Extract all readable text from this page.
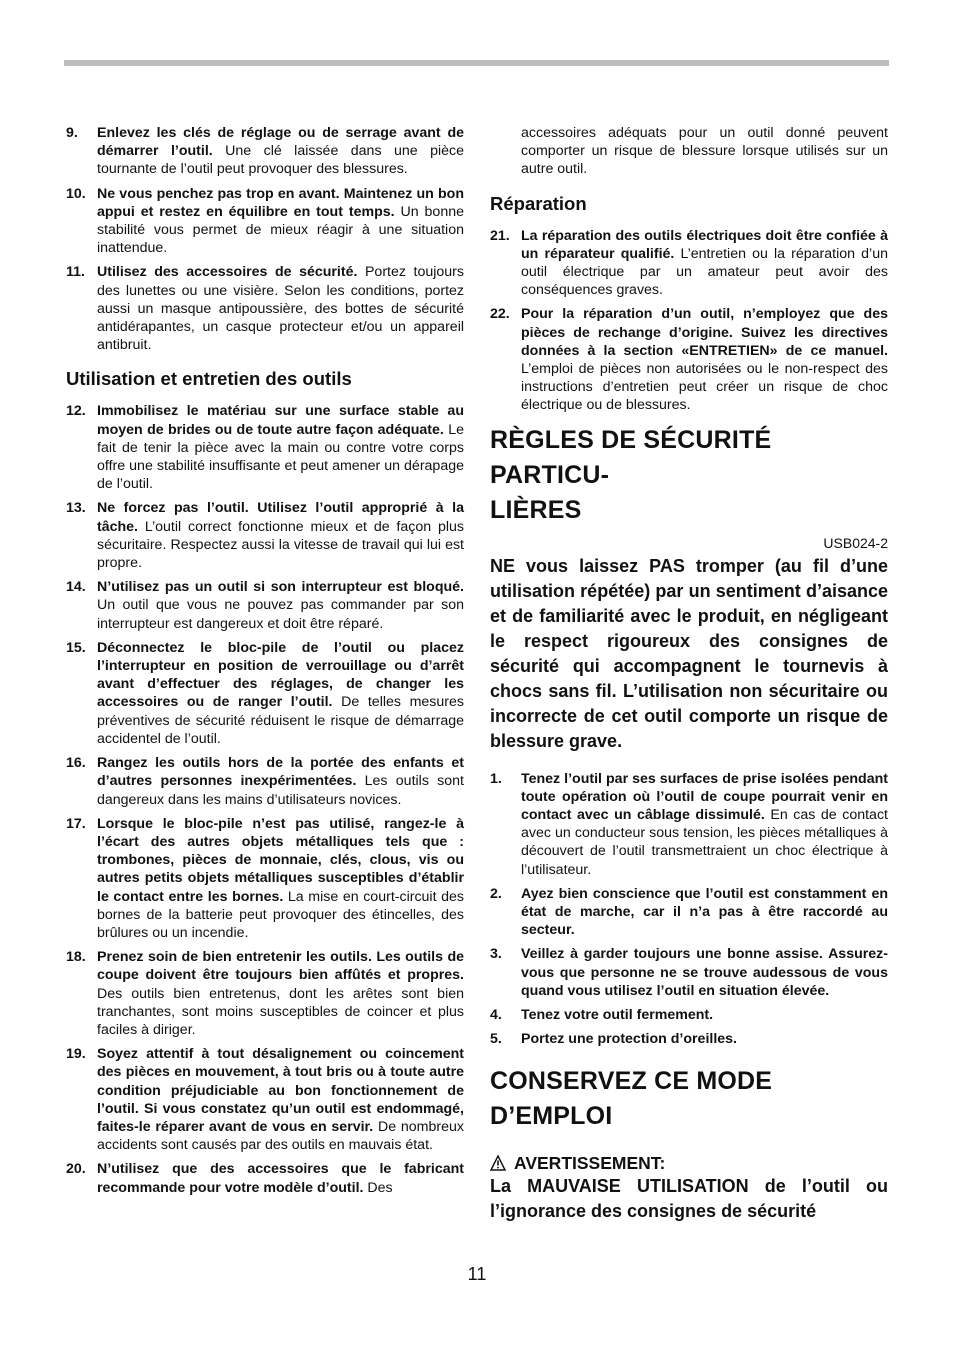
9. Enlevez les clés de réglage ou de serrage avant de démarrer l’outil. Une clé laissée dans une pièce tournante de l’outil peut provoquer des blessures.
10. Ne vous penchez pas trop en avant. Maintenez un bon appui et restez en équilibre en tout temps. Un bonne stabilité vous permet de mieux réagir à une situation inattendue.
11. Utilisez des accessoires de sécurité. Portez toujours des lunettes ou une visière. Selon les conditions, portez aussi un masque antipoussière, des bottes de sécurité antidérapantes, un casque protecteur et/ou un appareil antibruit.
Utilisation et entretien des outils
12. Immobilisez le matériau sur une surface stable au moyen de brides ou de toute autre façon adéquate. Le fait de tenir la pièce avec la main ou contre votre corps offre une stabilité insuffisante et peut amener un dérapage de l’outil.
13. Ne forcez pas l’outil. Utilisez l’outil approprié à la tâche. L’outil correct fonctionne mieux et de façon plus sécuritaire. Respectez aussi la vitesse de travail qui lui est propre.
14. N’utilisez pas un outil si son interrupteur est bloqué. Un outil que vous ne pouvez pas commander par son interrupteur est dangereux et doit être réparé.
15. Déconnectez le bloc-pile de l’outil ou placez l’interrupteur en position de verrouillage ou d’arrêt avant d’effectuer des réglages, de changer les accessoires ou de ranger l’outil. De telles mesures préventives de sécurité réduisent le risque de démarrage accidentel de l’outil.
16. Rangez les outils hors de la portée des enfants et d’autres personnes inexpérimentées. Les outils sont dangereux dans les mains d’utilisateurs novices.
17. Lorsque le bloc-pile n’est pas utilisé, rangez-le à l’écart des autres objets métalliques tels que : trombones, pièces de monnaie, clés, clous, vis ou autres petits objets métalliques susceptibles d’établir le contact entre les bornes. La mise en court-circuit des bornes de la batterie peut provoquer des étincelles, des brûlures ou un incendie.
18. Prenez soin de bien entretenir les outils. Les outils de coupe doivent être toujours bien affûtés et propres. Des outils bien entretenus, dont les arêtes sont bien tranchantes, sont moins susceptibles de coincer et plus faciles à diriger.
19. Soyez attentif à tout désalignement ou coincement des pièces en mouvement, à tout bris ou à toute autre condition préjudiciable au bon fonctionnement de l’outil. Si vous constatez qu’un outil est endommagé, faites-le réparer avant de vous en servir. De nombreux accidents sont causés par des outils en mauvais état.
20. N’utilisez que des accessoires que le fabricant recommande pour votre modèle d’outil. Des
accessoires adéquats pour un outil donné peuvent comporter un risque de blessure lorsque utilisés sur un autre outil.
Réparation
21. La réparation des outils électriques doit être confiée à un réparateur qualifié. L’entretien ou la réparation d’un outil électrique par un amateur peut avoir des conséquences graves.
22. Pour la réparation d’un outil, n’employez que des pièces de rechange d’origine. Suivez les directives données à la section «ENTRETIEN» de ce manuel. L’emploi de pièces non autorisées ou le non-respect des instructions d’entretien peut créer un risque de choc électrique ou de blessures.
RÈGLES DE SÉCURITÉ PARTICU-
LIÈRES
USB024-2
NE vous laissez PAS tromper (au fil d’une utilisation répétée) par un sentiment d’aisance et de familiarité avec le produit, en négligeant le respect rigoureux des consignes de sécurité qui accompagnent le tournevis à chocs sans fil. L’utilisation non sécuritaire ou incorrecte de cet outil comporte un risque de blessure grave.
1. Tenez l’outil par ses surfaces de prise isolées pendant toute opération où l’outil de coupe pourrait venir en contact avec un câblage dissimulé. En cas de contact avec un conducteur sous tension, les pièces métalliques à découvert de l’outil transmettraient un choc électrique à l’utilisateur.
2. Ayez bien conscience que l’outil est constamment en état de marche, car il n’a pas à être raccordé au secteur.
3. Veillez à garder toujours une bonne assise. Assurez-vous que personne ne se trouve audessous de vous quand vous utilisez l’outil en situation élevée.
4. Tenez votre outil fermement.
5. Portez une protection d’oreilles.
CONSERVEZ CE MODE
D’EMPLOI
AVERTISSEMENT:

La MAUVAISE UTILISATION de l’outil ou l’ignorance des consignes de sécurité

11
